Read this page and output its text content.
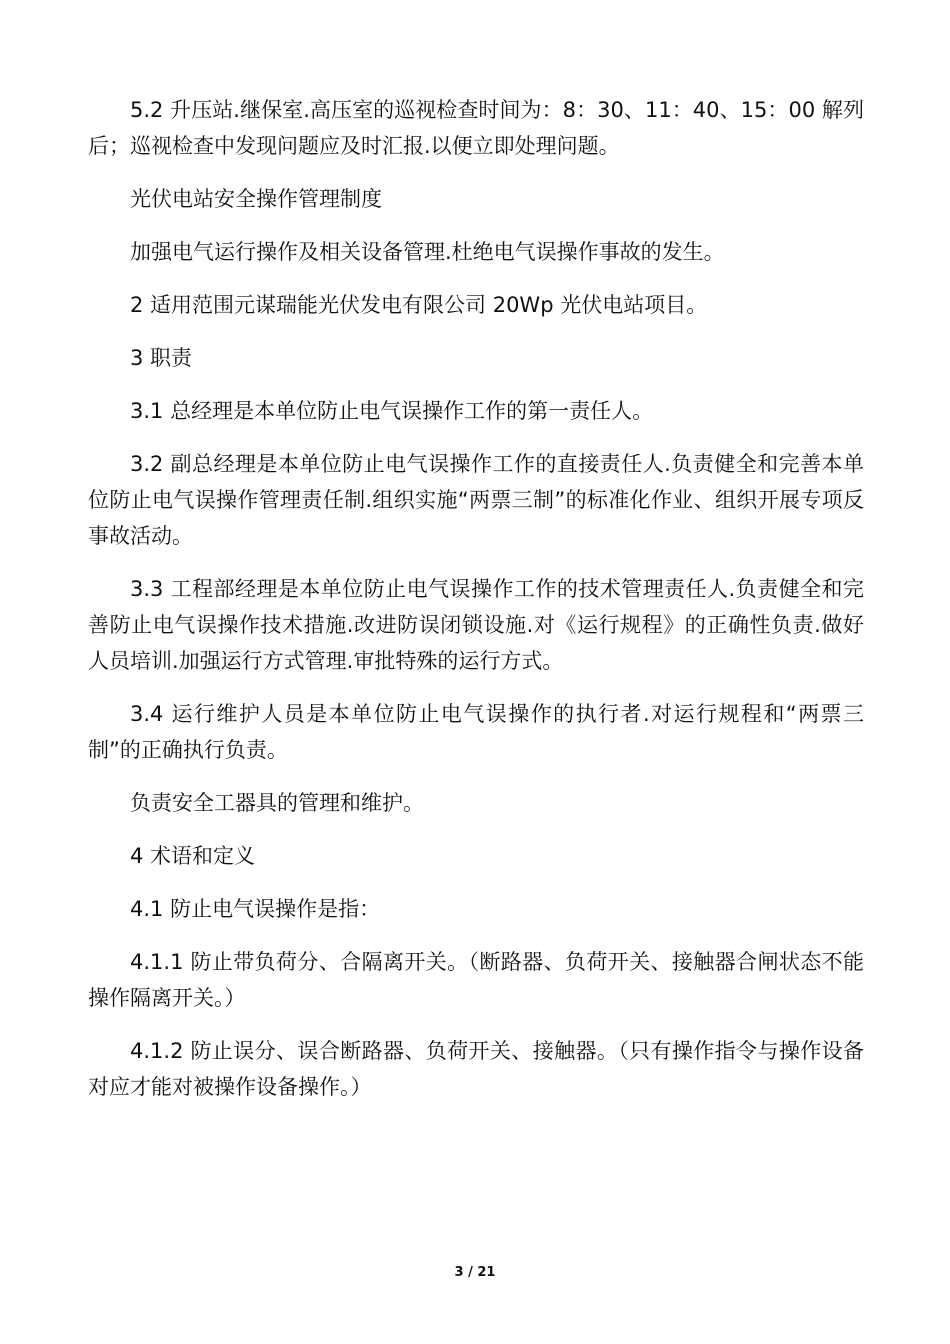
5.2 升压站.继保室.高压室的巡视检查时间为：8：30、11：40、15：00 解列后；巡视检查中发现问题应及时汇报.以便立即处理问题。

光伏电站安全操作管理制度

加强电气运行操作及相关设备管理.杜绝电气误操作事故的发生。

2 适用范围元谋瑞能光伏发电有限公司 20Wp 光伏电站项目。

3 职责

3.1 总经理是本单位防止电气误操作工作的第一责任人。

3.2 副总经理是本单位防止电气误操作工作的直接责任人.负责健全和完善本单位防止电气误操作管理责任制.组织实施“两票三制”的标准化作业、组织开展专项反事故活动。

3.3 工程部经理是本单位防止电气误操作工作的技术管理责任人.负责健全和完善防止电气误操作技术措施.改进防误闭锁设施.对《运行规程》的正确性负责.做好人员培训.加强运行方式管理.审批特殊的运行方式。

3.4 运行维护人员是本单位防止电气误操作的执行者.对运行规程和“两票三制”的正确执行负责。

负责安全工器具的管理和维护。

4 术语和定义

4.1 防止电气误操作是指：

4.1.1 防止带负荷分、合隔离开关。（断路器、负荷开关、接触器合闸状态不能操作隔离开关。）

4.1.2 防止误分、误合断路器、负荷开关、接触器。（只有操作指令与操作设备对应才能对被操作设备操作。）

3 / 21
